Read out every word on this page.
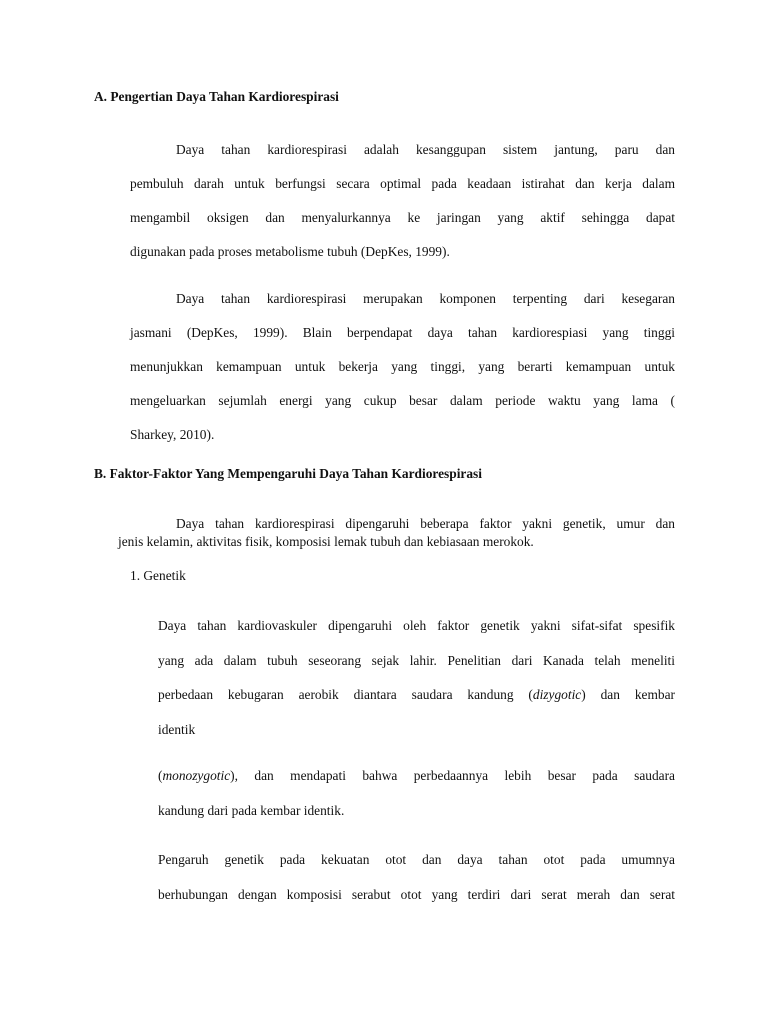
A. Pengertian Daya Tahan Kardiorespirasi
Daya tahan kardiorespirasi adalah kesanggupan sistem jantung, paru dan
pembuluh darah untuk berfungsi secara optimal pada keadaan istirahat dan kerja dalam
mengambil oksigen dan menyalurkannya ke jaringan yang aktif sehingga dapat
digunakan pada proses metabolisme tubuh (DepKes, 1999).
Daya tahan kardiorespirasi merupakan komponen terpenting dari kesegaran
jasmani (DepKes, 1999). Blain berpendapat daya tahan kardiorespiasi yang tinggi
menunjukkan kemampuan untuk bekerja yang tinggi, yang berarti kemampuan untuk
mengeluarkan sejumlah energi yang cukup besar dalam periode waktu yang lama (
Sharkey, 2010).
B. Faktor-Faktor Yang Mempengaruhi Daya Tahan Kardiorespirasi
Daya tahan kardiorespirasi dipengaruhi beberapa faktor yakni genetik, umur dan
jenis kelamin, aktivitas fisik, komposisi lemak tubuh dan kebiasaan merokok.
1. Genetik
Daya tahan kardiovaskuler dipengaruhi oleh faktor genetik yakni sifat-sifat spesifik
yang ada dalam tubuh seseorang sejak lahir. Penelitian dari Kanada telah meneliti
perbedaan kebugaran aerobik diantara saudara kandung (dizygotic) dan kembar
identik
(monozygotic), dan mendapati bahwa perbedaannya lebih besar pada saudara
kandung dari pada kembar identik.
Pengaruh genetik pada kekuatan otot dan daya tahan otot pada umumnya
berhubungan dengan komposisi serabut otot yang terdiri dari serat merah dan serat
